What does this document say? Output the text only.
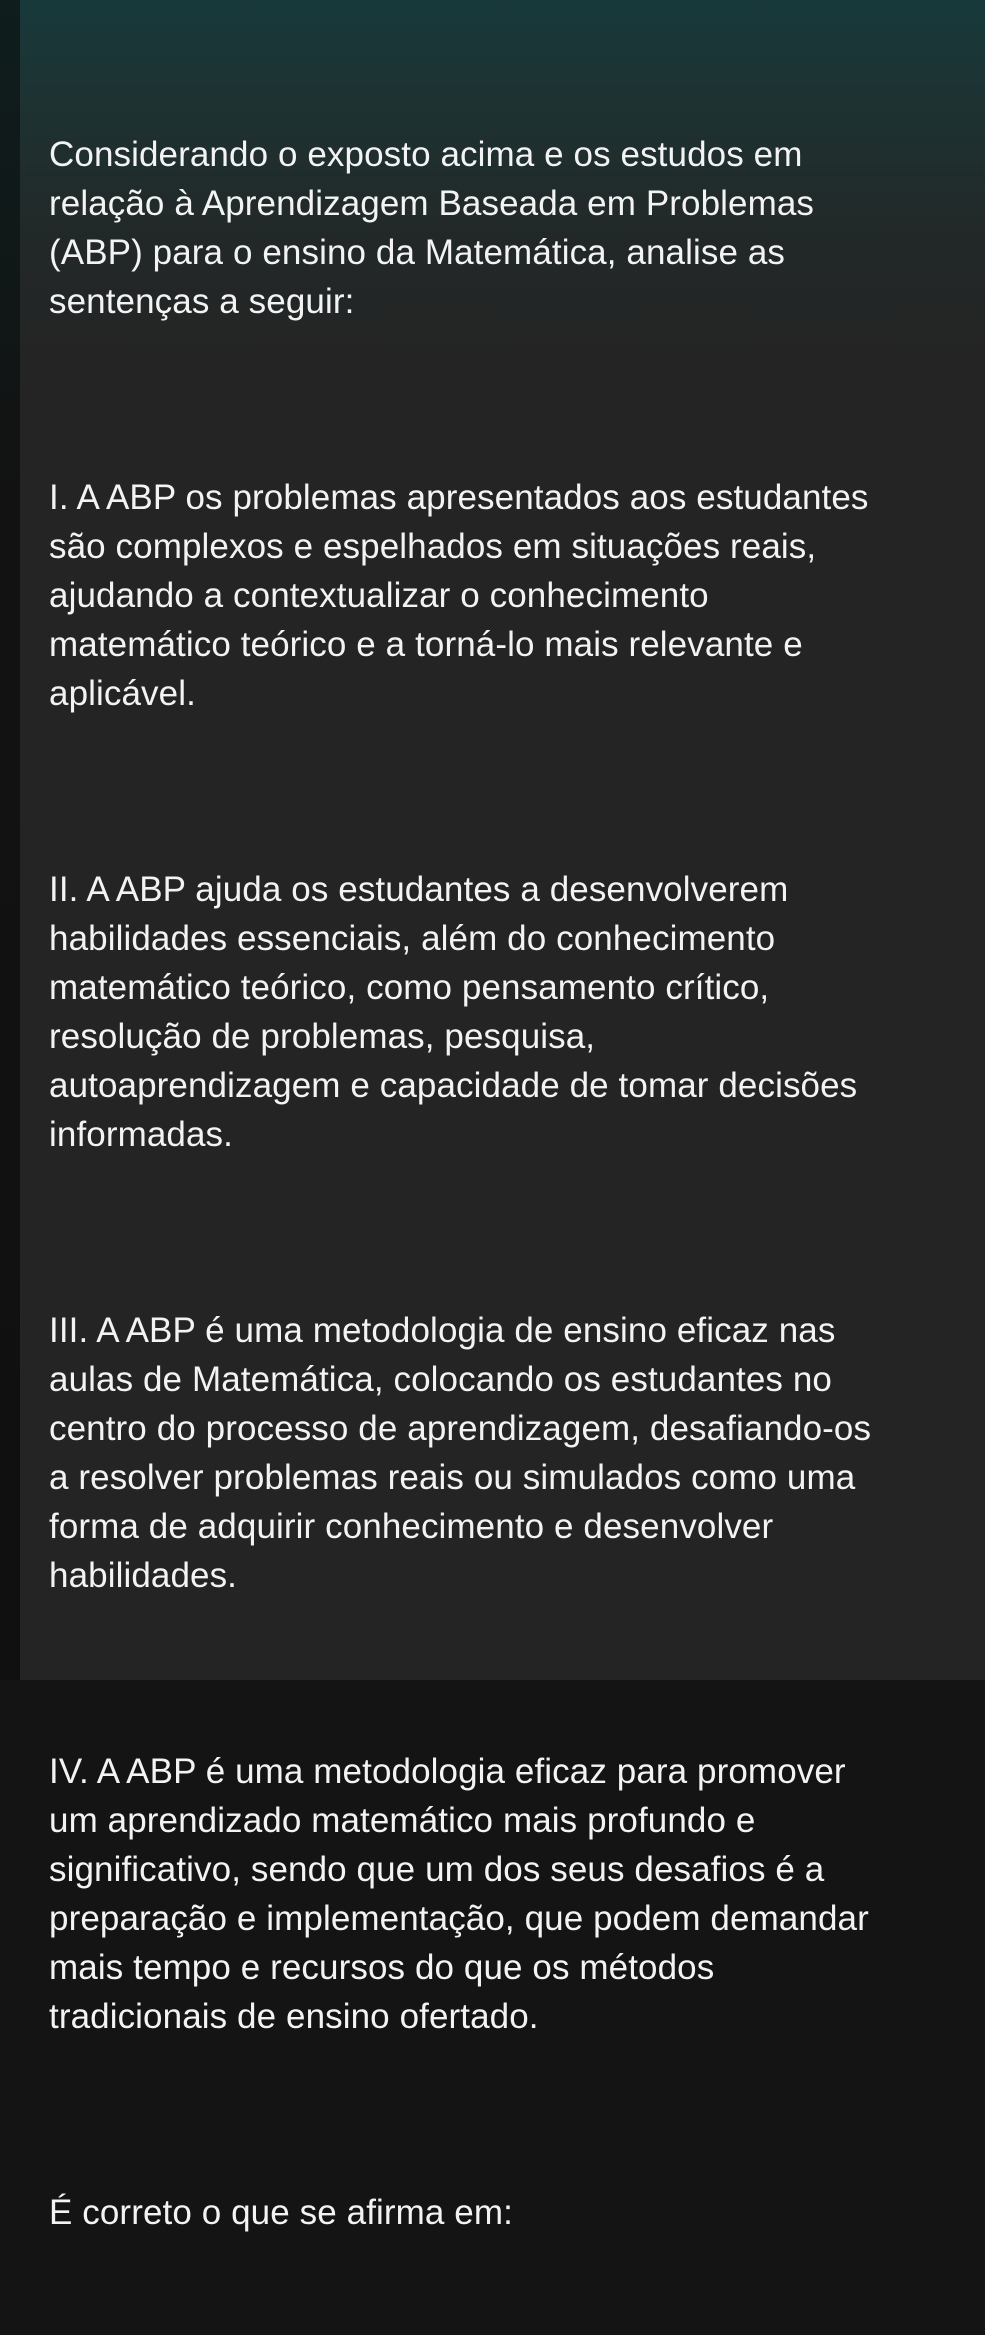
Considerando o exposto acima e os estudos em
relação à Aprendizagem Baseada em Problemas
(ABP) para o ensino da Matemática, analise as
sentenças a seguir:

I. A ABP os problemas apresentados aos estudantes
são complexos e espelhados em situações reais,
ajudando a contextualizar o conhecimento
matemático teórico e a torná-lo mais relevante e
aplicável.

II. A ABP ajuda os estudantes a desenvolverem
habilidades essenciais, além do conhecimento
matemático teórico, como pensamento crítico,
resolução de problemas, pesquisa,
autoaprendizagem e capacidade de tomar decisões
informadas.

III. A ABP é uma metodologia de ensino eficaz nas
aulas de Matemática, colocando os estudantes no
centro do processo de aprendizagem, desafiando-os
a resolver problemas reais ou simulados como uma
forma de adquirir conhecimento e desenvolver
habilidades.

IV. A ABP é uma metodologia eficaz para promover
um aprendizado matemático mais profundo e
significativo, sendo que um dos seus desafios é a
preparação e implementação, que podem demandar
mais tempo e recursos do que os métodos
tradicionais de ensino ofertado.

É correto o que se afirma em:
